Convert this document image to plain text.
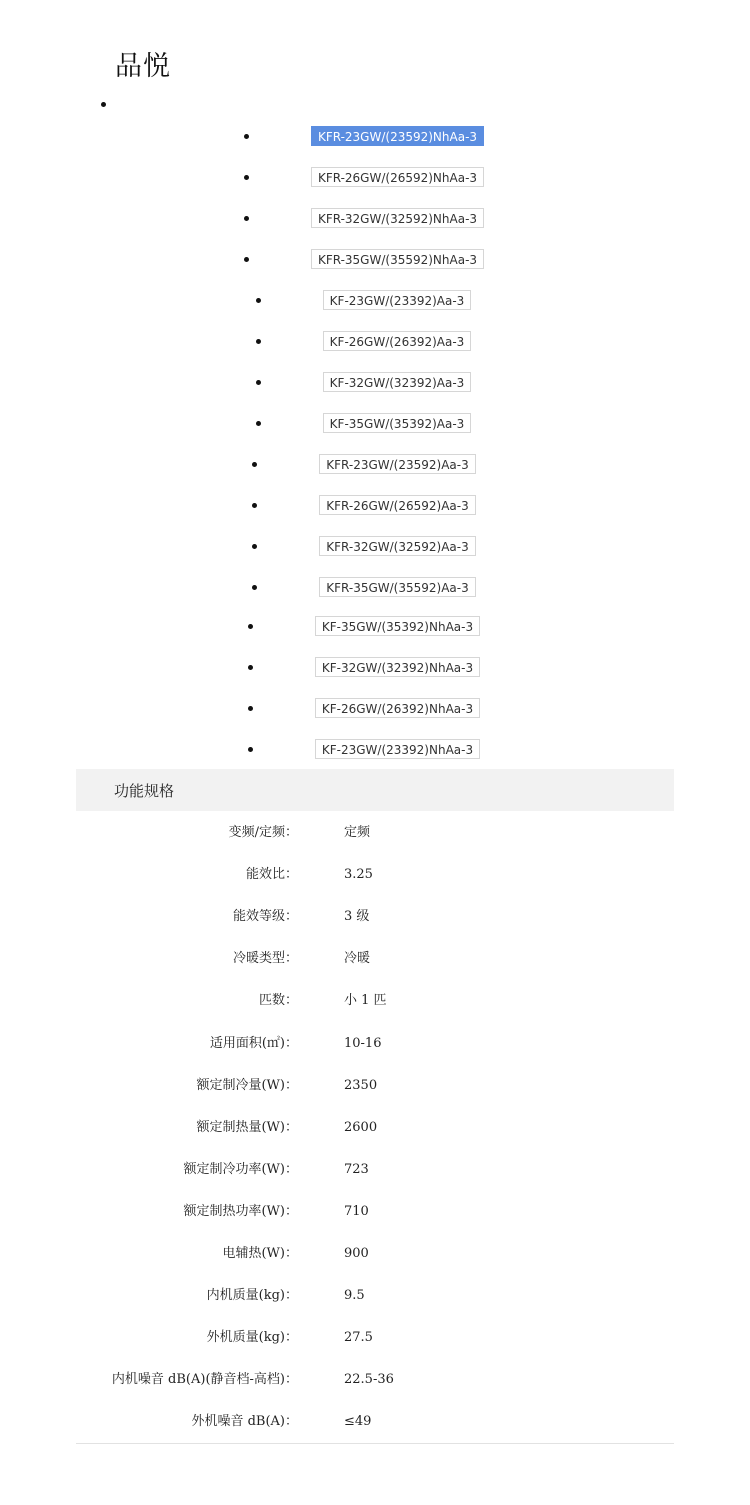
品悦
KFR-23GW/(23592)NhAa-3
KFR-26GW/(26592)NhAa-3
KFR-32GW/(32592)NhAa-3
KFR-35GW/(35592)NhAa-3
KF-23GW/(23392)Aa-3
KF-26GW/(26392)Aa-3
KF-32GW/(32392)Aa-3
KF-35GW/(35392)Aa-3
KFR-23GW/(23592)Aa-3
KFR-26GW/(26592)Aa-3
KFR-32GW/(32592)Aa-3
KFR-35GW/(35592)Aa-3
KF-35GW/(35392)NhAa-3
KF-32GW/(32392)NhAa-3
KF-26GW/(26392)NhAa-3
KF-23GW/(23392)NhAa-3
功能规格
变频/定频：	定频
能效比：	3.25
能效等级：	3 级
冷暖类型：	冷暖
匹数：	小 1 匹
适用面积(㎡)：	10-16
额定制冷量(W)：	2350
额定制热量(W)：	2600
额定制冷功率(W)：	723
额定制热功率(W)：	710
电辅热(W)：	900
内机质量(kg)：	9.5
外机质量(kg)：	27.5
内机噪音 dB(A)(静音档-高档)：	22.5-36
外机噪音 dB(A)：	≤49
